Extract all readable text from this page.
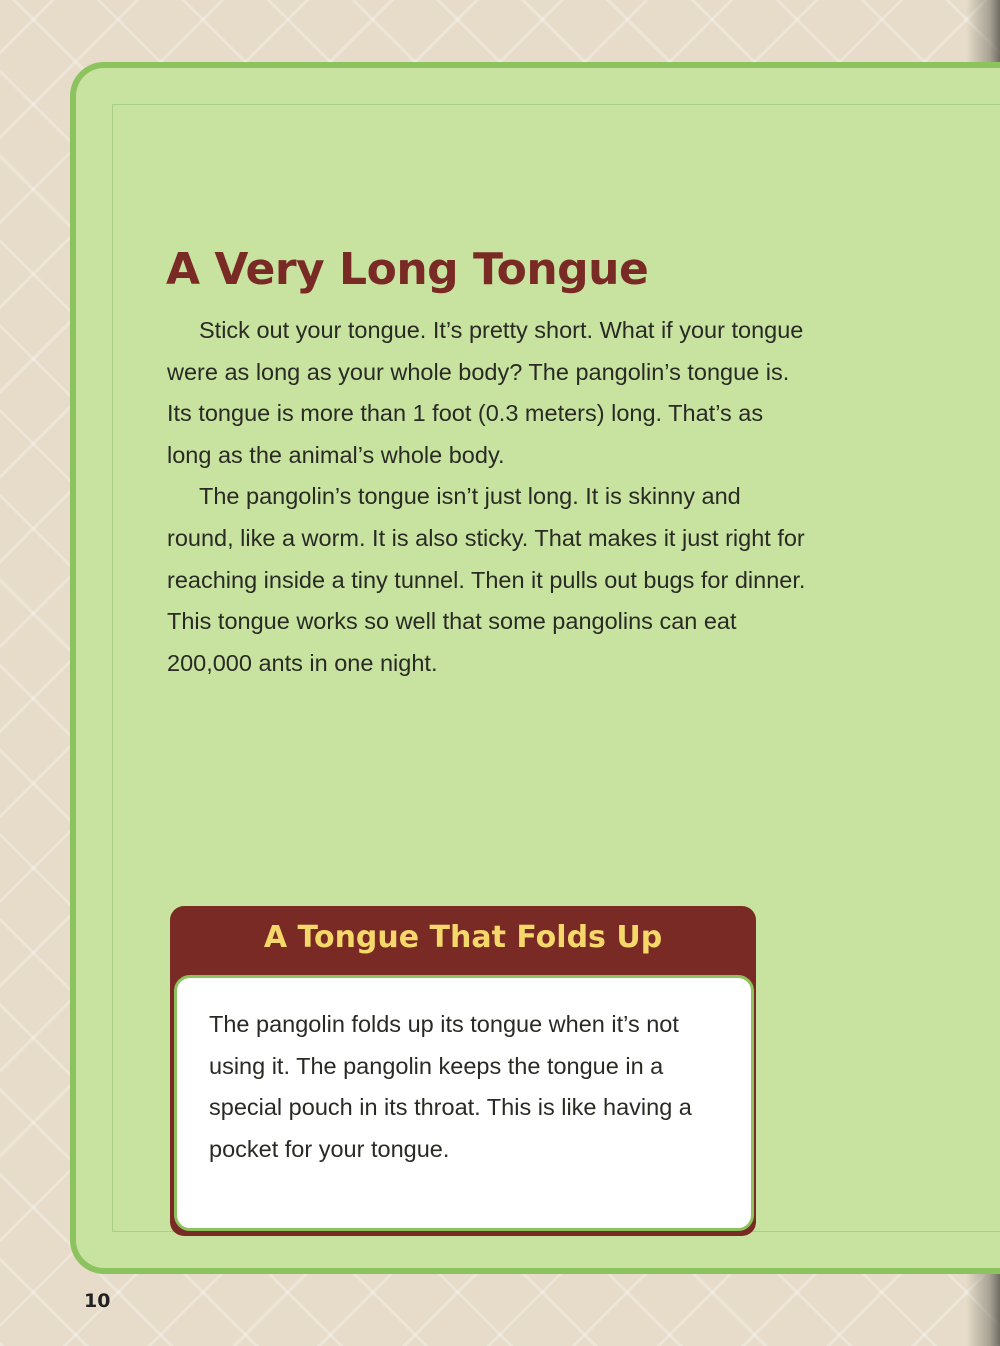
A Very Long Tongue

Stick out your tongue. It’s pretty short. What if your tongue were as long as your whole body? The pangolin’s tongue is. Its tongue is more than 1 foot (0.3 meters) long. That’s as long as the animal’s whole body.

The pangolin’s tongue isn’t just long. It is skinny and round, like a worm. It is also sticky. That makes it just right for reaching inside a tiny tunnel. Then it pulls out bugs for dinner. This tongue works so well that some pangolins can eat 200,000 ants in one night.

A Tongue That Folds Up

The pangolin folds up its tongue when it’s not using it. The pangolin keeps the tongue in a special pouch in its throat. This is like having a pocket for your tongue.

10
